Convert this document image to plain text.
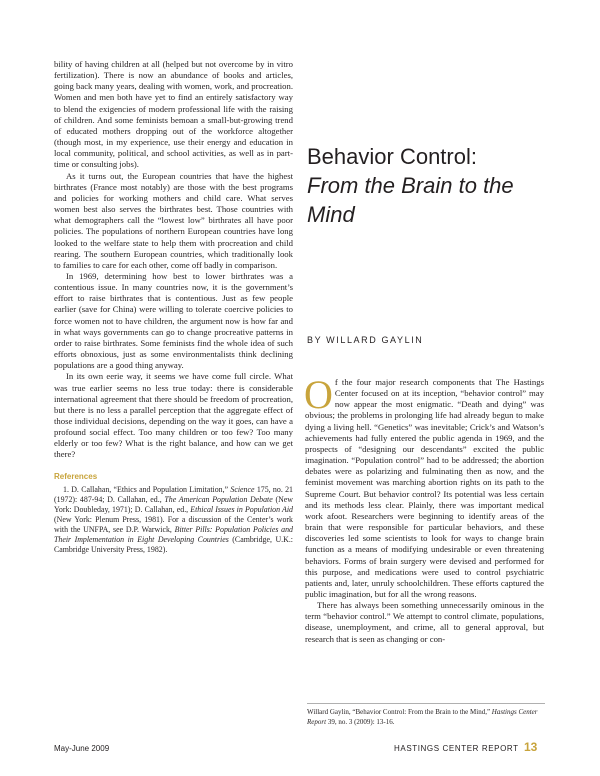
bility of having children at all (helped but not overcome by in vitro fertilization). There is now an abundance of books and articles, going back many years, dealing with women, work, and procreation. Women and men both have yet to find an entirely satisfactory way to blend the exigencies of modern professional life with the raising of children. And some feminists bemoan a small-but-growing trend of educated mothers dropping out of the workforce altogether (though most, in my experience, use their energy and education in local community, political, and school activities, as well as in part-time or consulting jobs).

As it turns out, the European countries that have the highest birthrates (France most notably) are those with the best programs and policies for working mothers and child care. What serves women best also serves the birthrates best. Those countries with what demographers call the “lowest low” birthrates all have poor policies. The populations of northern European countries have long looked to the welfare state to help them with procreation and child rearing. The southern European countries, which traditionally look to families to care for each other, come off badly in comparison.

In 1969, determining how best to lower birthrates was a contentious issue. In many countries now, it is the government’s effort to raise birthrates that is contentious. Just as few people earlier (save for China) were willing to tolerate coercive policies to force women not to have children, the argument now is how far and in what ways governments can go to change procreative patterns in order to raise birthrates. Some feminists find the whole idea of such efforts obnoxious, just as some environmentalists think declining populations are a good thing anyway.

In its own eerie way, it seems we have come full circle. What was true earlier seems no less true today: there is considerable international agreement that there should be freedom of procreation, but there is no less a parallel perception that the aggregate effect of those individual decisions, depending on the way it goes, can have a profound social effect. Too many children or too few? Too many elderly or too few? What is the right balance, and how can we get there?

References

1. D. Callahan, “Ethics and Population Limitation,” Science 175, no. 21 (1972): 487-94; D. Callahan, ed., The American Population Debate (New York: Doubleday, 1971); D. Callahan, ed., Ethical Issues in Population Aid (New York: Plenum Press, 1981). For a discussion of the Center’s work with the UNFPA, see D.P. Warwick, Bitter Pills: Population Policies and Their Implementation in Eight Developing Countries (Cambridge, U.K.: Cambridge University Press, 1982).

Behavior Control:
From the Brain to the
Mind
BY WILLARD GAYLIN

Of the four major research components that The Hastings Center focused on at its inception, “behavior control” may now appear the most enigmatic. “Death and dying” was obvious; the problems in prolonging life had already begun to make dying a living hell. “Genetics” was inevitable; Crick’s and Watson’s achievements had fully entered the public agenda in 1969, and the prospects of “designing our descendants” excited the public imagination. “Population control” had to be addressed; the abortion debates were as polarizing and fulminating then as now, and the feminist movement was marching abortion rights on its path to the Supreme Court. But behavior control? Its potential was less certain and its methods less clear. Plainly, there was important medical work afoot. Researchers were beginning to identify areas of the brain that were responsible for particular behaviors, and these discoveries led some scientists to look for ways to change brain function as a means of modifying undesirable or even threatening behaviors. Forms of brain surgery were devised and performed for this purpose, and medications were used to control psychiatric patients and, later, unruly schoolchildren. These efforts captured the public imagination, but for all the wrong reasons.

There has always been something unnecessarily ominous in the term “behavior control.” We attempt to control climate, populations, disease, unemployment, and crime, all to general approval, but research that is seen as changing or con-

Willard Gaylin, “Behavior Control: From the Brain to the Mind,” Hastings Center Report 39, no. 3 (2009): 13-16.
May-June 2009	HASTINGS CENTER REPORT 13
